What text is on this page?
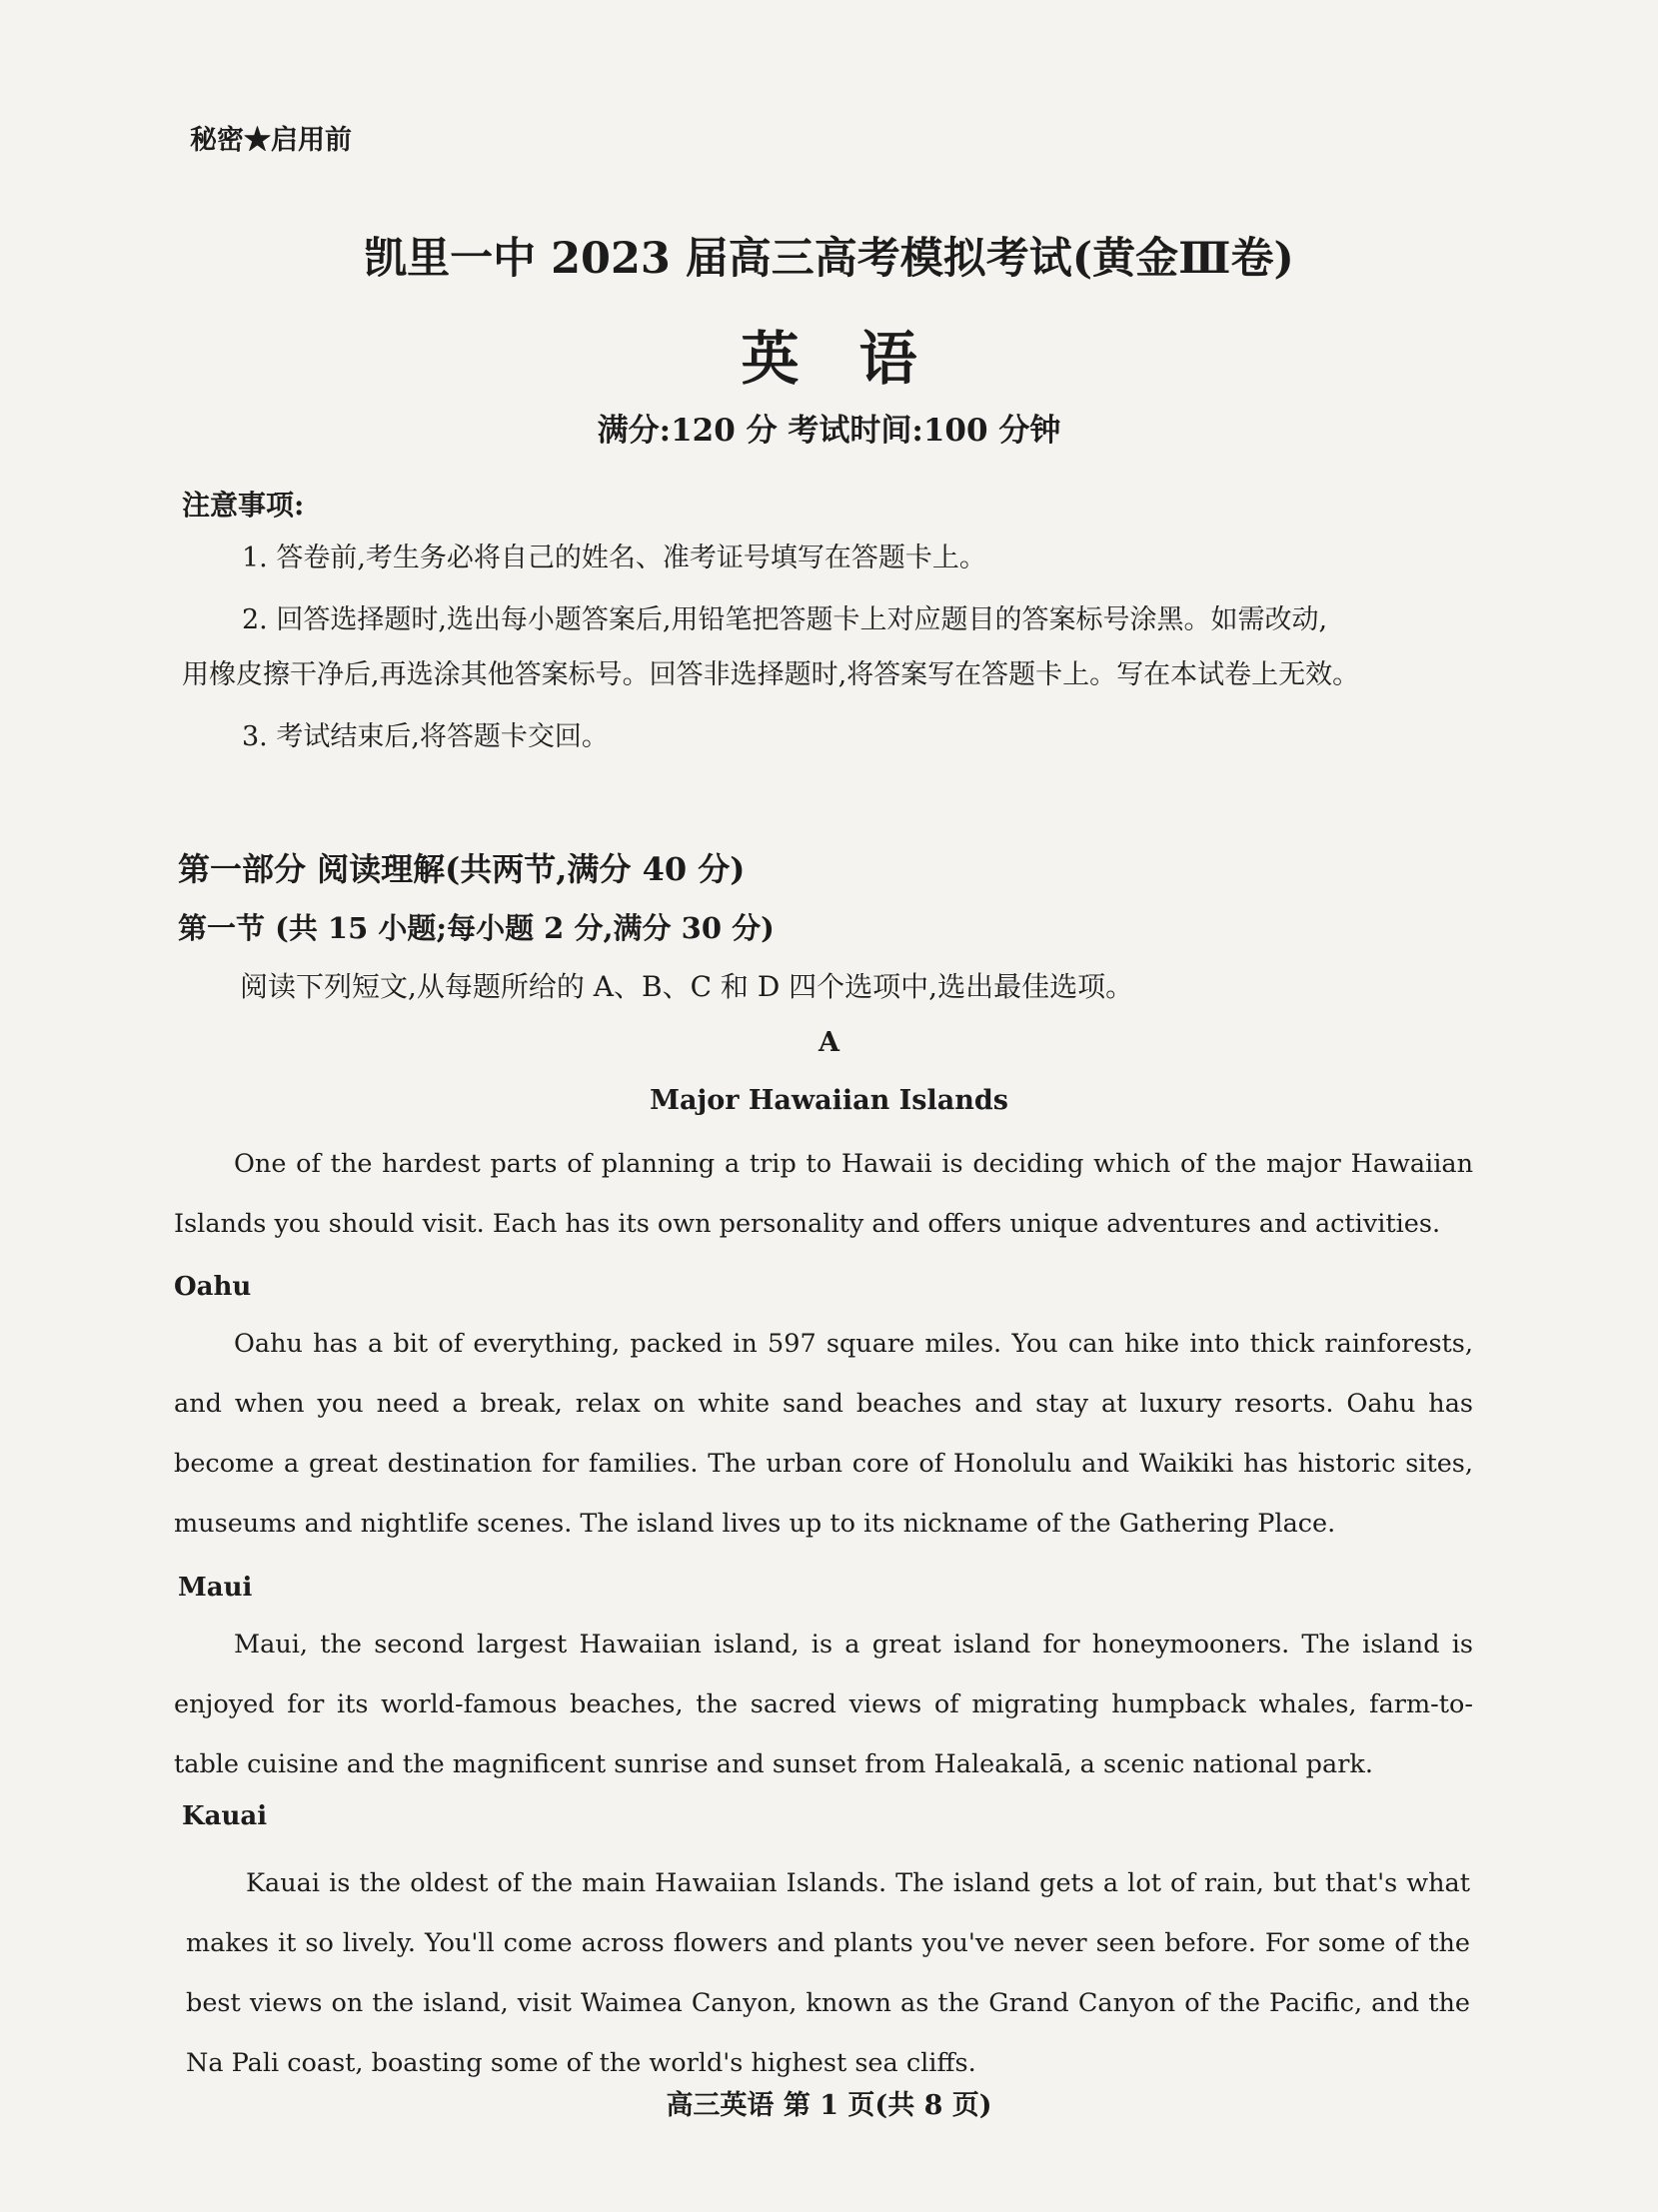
秘密★启用前
凯里一中 2023 届高三高考模拟考试(黄金Ⅲ卷)
英语
满分:120 分 考试时间:100 分钟
注意事项:
1. 答卷前,考生务必将自己的姓名、准考证号填写在答题卡上。
2. 回答选择题时,选出每小题答案后,用铅笔把答题卡上对应题目的答案标号涂黑。如需改动,
用橡皮擦干净后,再选涂其他答案标号。回答非选择题时,将答案写在答题卡上。写在本试卷上无效。
3. 考试结束后,将答题卡交回。
第一部分 阅读理解(共两节,满分 40 分)
第一节 (共 15 小题;每小题 2 分,满分 30 分)
阅读下列短文,从每题所给的 A、B、C 和 D 四个选项中,选出最佳选项。
A
Major Hawaiian Islands
One of the hardest parts of planning a trip to Hawaii is deciding which of the major Hawaiian Islands you should visit. Each has its own personality and offers unique adventures and activities.
Oahu
Oahu has a bit of everything, packed in 597 square miles. You can hike into thick rainforests, and when you need a break, relax on white sand beaches and stay at luxury resorts. Oahu has become a great destination for families. The urban core of Honolulu and Waikiki has historic sites, museums and nightlife scenes. The island lives up to its nickname of the Gathering Place.
Maui
Maui, the second largest Hawaiian island, is a great island for honeymooners. The island is enjoyed for its world-famous beaches, the sacred views of migrating humpback whales, farm-to-table cuisine and the magnificent sunrise and sunset from Haleakalā, a scenic national park.
Kauai
Kauai is the oldest of the main Hawaiian Islands. The island gets a lot of rain, but that's what makes it so lively. You'll come across flowers and plants you've never seen before. For some of the best views on the island, visit Waimea Canyon, known as the Grand Canyon of the Pacific, and the Na Pali coast, boasting some of the world's highest sea cliffs.
高三英语 第 1 页(共 8 页)
